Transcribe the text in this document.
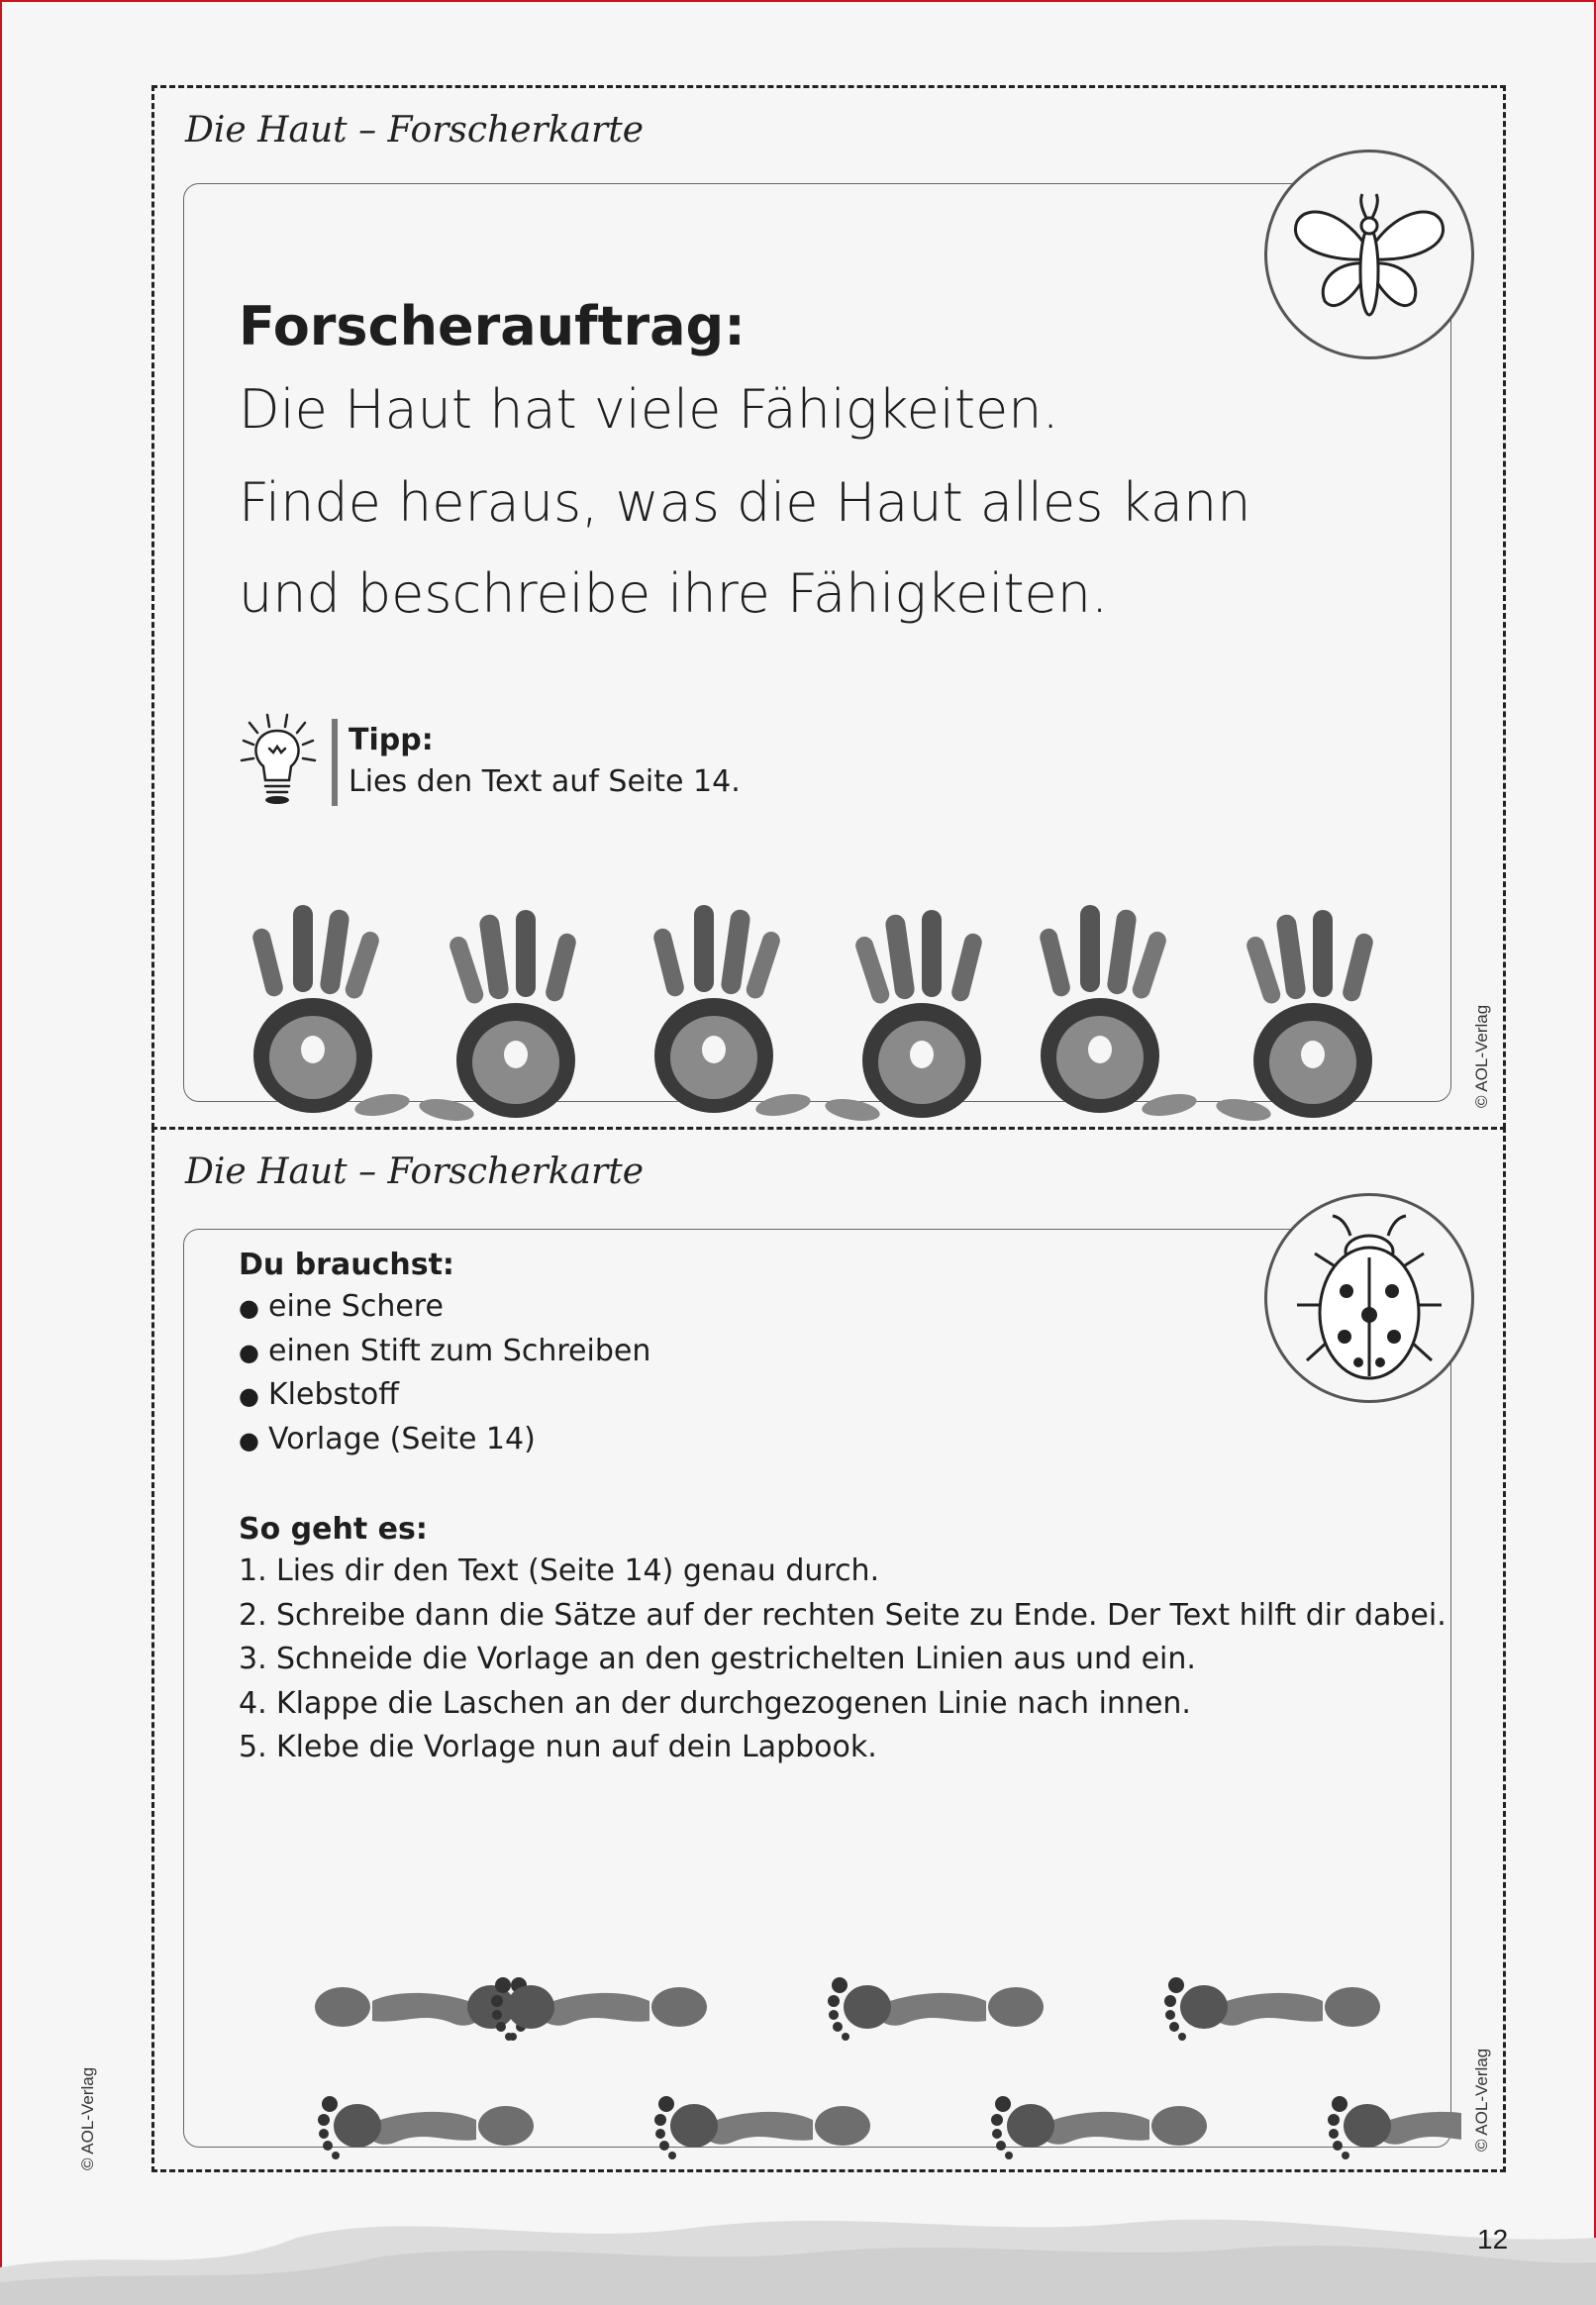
Die Haut – Forscherkarte
Forscherauftrag:

Die Haut hat viele Fähigkeiten.

Finde heraus, was die Haut alles kann

und beschreibe ihre Fähigkeiten.

Tipp:
Lies den Text auf Seite 14.
© AOL-Verlag
Die Haut – Forscherkarte
Du brauchst:
● eine Schere
● einen Stift zum Schreiben
● Klebstoff
● Vorlage (Seite 14)
So geht es:
1. Lies dir den Text (Seite 14) genau durch.
2. Schreibe dann die Sätze auf der rechten Seite zu Ende. Der Text hilft dir dabei.
3. Schneide die Vorlage an den gestrichelten Linien aus und ein.
4. Klappe die Laschen an der durchgezogenen Linie nach innen.
5. Klebe die Vorlage nun auf dein Lapbook.
© AOL-Verlag
© AOL-Verlag
12
